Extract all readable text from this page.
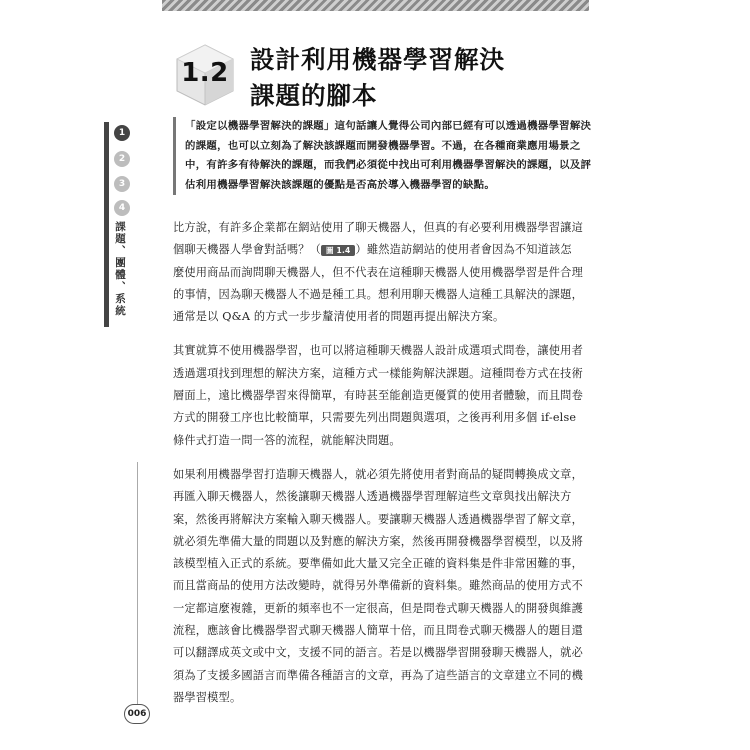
1.2 設計利用機器學習解決
課題的腳本
「設定以機器學習解決的課題」這句話讓人覺得公司內部已經有可以透過機器學習解決的課題，也可以立刻為了解決該課題而開發機器學習。不過，在各種商業應用場景之中，有許多有待解決的課題，而我們必須從中找出可利用機器學習解決的課題，以及評估利用機器學習解決該課題的優點是否高於導入機器學習的缺點。
1
2
3
4
課題、團體、系統	比方說，有許多企業都在網站使用了聊天機器人，但真的有必要利用機器學習讓這個聊天機器人學會對話嗎？（ 圖 1.4 ）雖然造訪網站的使用者會因為不知道該怎麼使用商品而詢問聊天機器人，但不代表在這種聊天機器人使用機器學習是件合理的事情，因為聊天機器人不過是種工具。想利用聊天機器人這種工具解決的課題，通常是以 Q&A 的方式一步步釐清使用者的問題再提出解決方案。

其實就算不使用機器學習，也可以將這種聊天機器人設計成選項式問卷，讓使用者透過選項找到理想的解決方案，這種方式一樣能夠解決課題。這種問卷方式在技術層面上，遠比機器學習來得簡單，有時甚至能創造更優質的使用者體驗，而且問卷方式的開發工序也比較簡單，只需要先列出問題與選項，之後再利用多個 if-else 條件式打造一問一答的流程，就能解決問題。

如果利用機器學習打造聊天機器人，就必須先將使用者對商品的疑問轉換成文章，再匯入聊天機器人，然後讓聊天機器人透過機器學習理解這些文章與找出解決方案，然後再將解決方案輸入聊天機器人。要讓聊天機器人透過機器學習了解文章，就必須先準備大量的問題以及對應的解決方案，然後再開發機器學習模型，以及將該模型植入正式的系統。要準備如此大量又完全正確的資料集是件非常困難的事，而且當商品的使用方法改變時，就得另外準備新的資料集。雖然商品的使用方式不一定都這麼複雜，更新的頻率也不一定很高，但是問卷式聊天機器人的開發與維護流程，應該會比機器學習式聊天機器人簡單十倍，而且問卷式聊天機器人的題目還可以翻譯成英文或中文，支援不同的語言。若是以機器學習開發聊天機器人，就必須為了支援多國語言而準備各種語言的文章，再為了這些語言的文章建立不同的機器學習模型。

006
